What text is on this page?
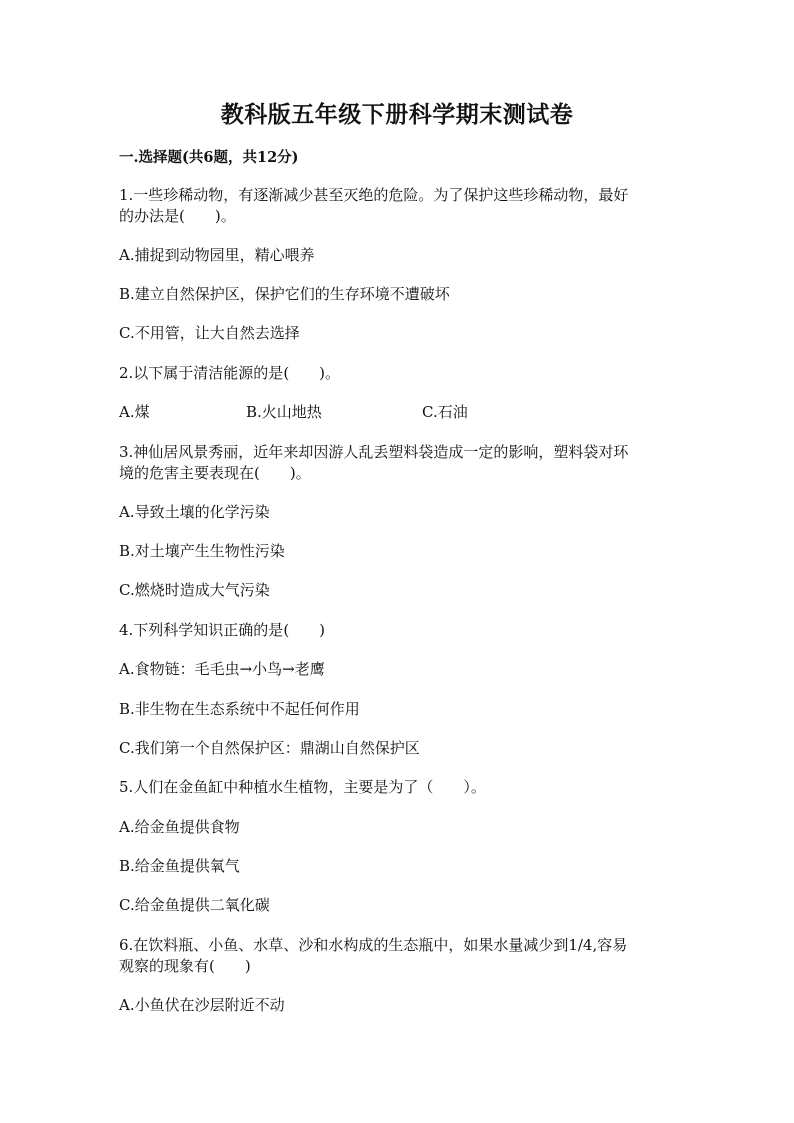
教科版五年级下册科学期末测试卷
一.选择题(共6题，共12分)
1.一些珍稀动物，有逐渐减少甚至灭绝的危险。为了保护这些珍稀动物，最好
的办法是(　　)。
A.捕捉到动物园里，精心喂养
B.建立自然保护区，保护它们的生存环境不遭破坏
C.不用管，让大自然去选择
2.以下属于清洁能源的是(　　)。
A.煤	B.火山地热	C.石油
3.神仙居风景秀丽，近年来却因游人乱丢塑料袋造成一定的影响，塑料袋对环
境的危害主要表现在(　　)。
A.导致土壤的化学污染
B.对土壤产生生物性污染
C.燃烧时造成大气污染
4.下列科学知识正确的是(　　)
A.食物链：毛毛虫→小鸟→老鹰
B.非生物在生态系统中不起任何作用
C.我们第一个自然保护区：鼎湖山自然保护区
5.人们在金鱼缸中种植水生植物，主要是为了（　　）。
A.给金鱼提供食物
B.给金鱼提供氧气
C.给金鱼提供二氧化碳
6.在饮料瓶、小鱼、水草、沙和水构成的生态瓶中，如果水量减少到1/4,容易
观察的现象有(　　)
A.小鱼伏在沙层附近不动
